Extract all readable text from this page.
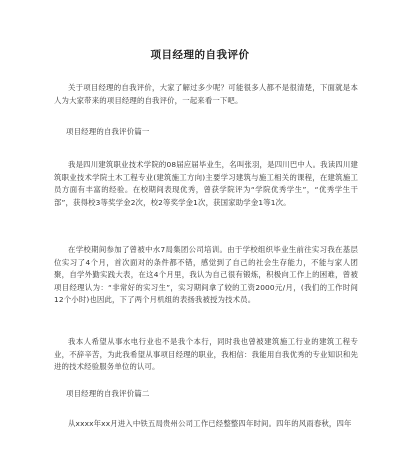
项目经理的自我评价
关于项目经理的自我评价，大家了解过多少呢？可能很多人都不是很清楚，下面就是本人为大家带来的项目经理的自我评价，一起来看一下吧。
项目经理的自我评价篇一
我是四川建筑职业技术学院的08届应届毕业生，名叫张羽，是四川巴中人。我读四川建筑职业技术学院土木工程专业(建筑施工方向)主要学习建筑与施工相关的课程，在建筑施工员方面有丰富的经验。在校期间表现优秀，曾获学院评为“学院优秀学生”，“优秀学生干部”，获得校3等奖学金2次，校2等奖学金1次，获国家助学金1等1次。
在学校期间参加了曾被中水7局集团公司培训。由于学校组织毕业生前往实习我在基层位实习了4个月，首次面对的条件都不错，感觉到了自己的社会生存能力，不能与家人团聚，自学外勤实践大表，在这4个月里，我认为自己很有锻炼，积极向工作上的困难，曾被项目经理认为：“非常好的实习生”，实习期间拿了较的工资2000元/月，(我们的工作时间12个小时)也因此，下了两个月机组的表扬我被授为技术员。
我本人希望从事水电行业也不是我个本行，同时我也曾被建筑施工行业的建筑工程专业，不辞辛苦，为此我希望从事项目经理的职业，我相信：我能用自我优秀的专业知识和先进的技术经验服务单位的认可。
项目经理的自我评价篇二
从xxxx年xx月进入中铁五局贵州公司工作已经整整四年时间。四年的风雨春秋，四年
